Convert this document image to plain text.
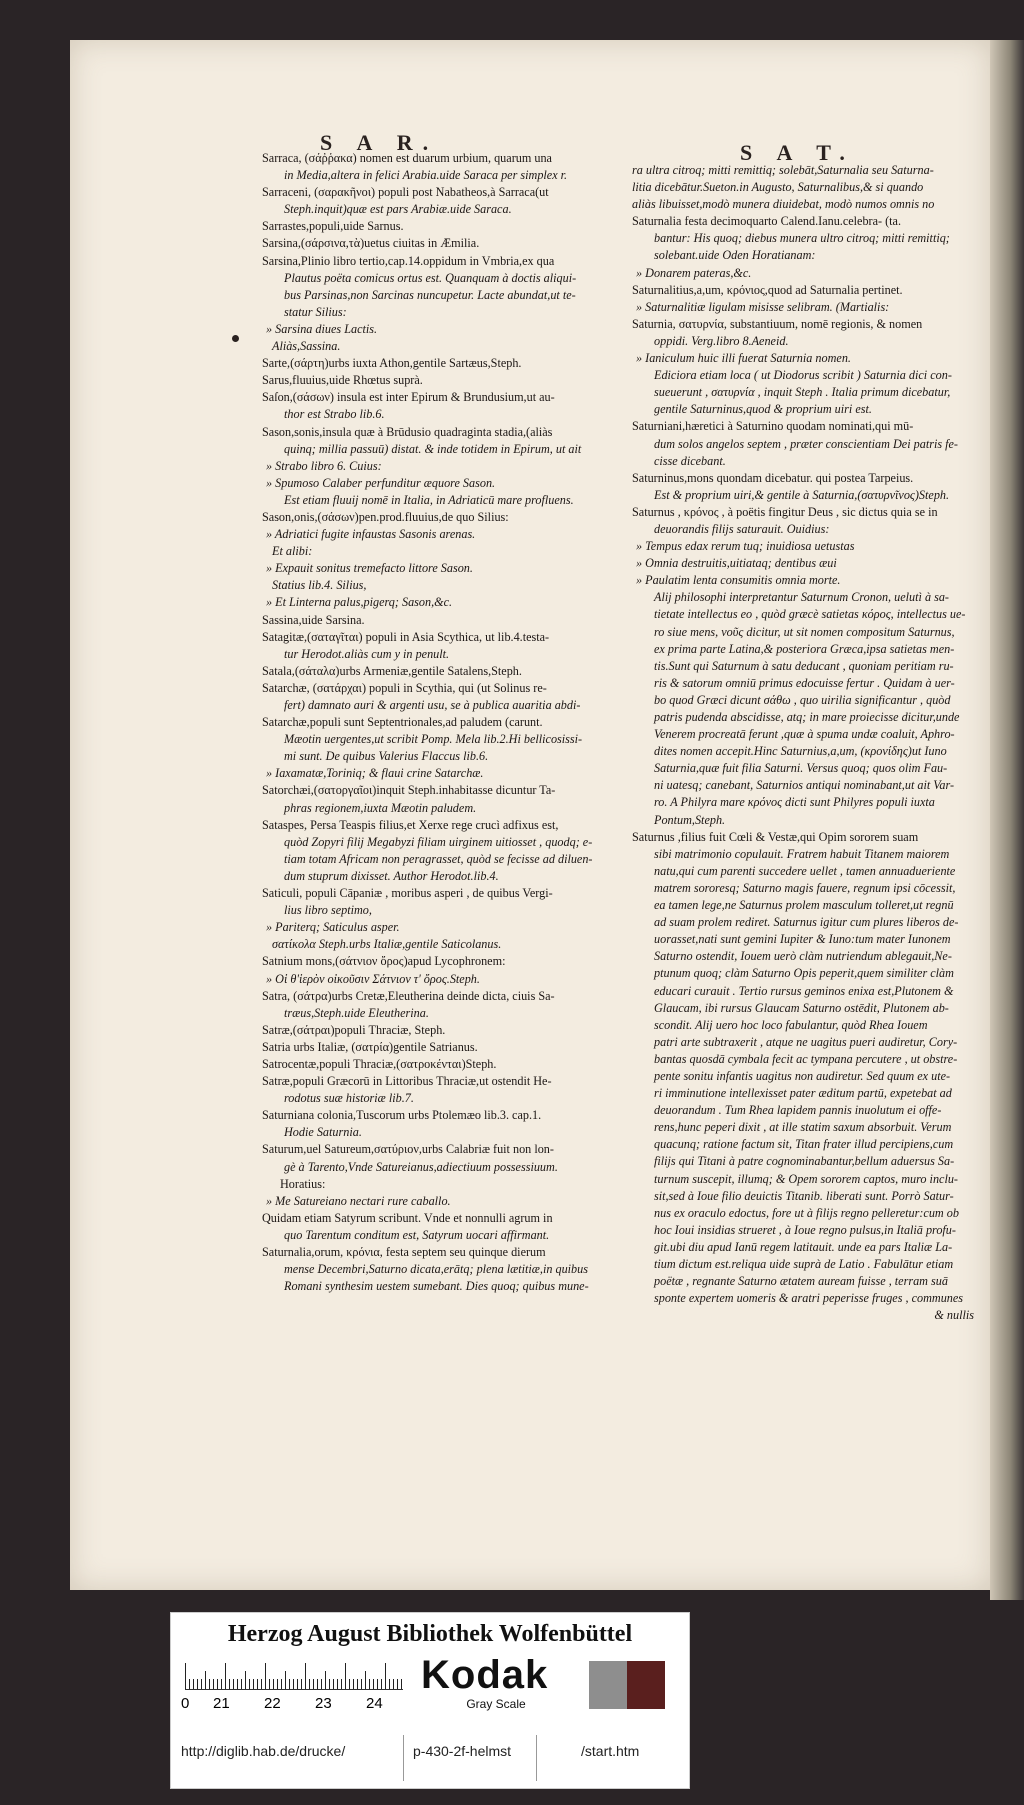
S A R.	S A T.

Sarraca, (σάῤῥακα) nomen est duarum urbium, quarum una

in Media,altera in felici Arabia.uide Saraca per simplex r.

Sarraceni, (σαρακῆνοι) populi post Nabatheos,à Sarraca(ut

Steph.inquit)quæ est pars Arabiæ.uide Saraca.

Sarrastes,populi,uide Sarnus.

Sarsina,(σάρσινα,τὰ)uetus ciuitas in Æmilia.

Sarsina,Plinio libro tertio,cap.14.oppidum in Vmbria,ex qua

Plautus poëta comicus ortus est. Quanquam à doctis aliqui-

bus Parsinas,non Sarcinas nuncupetur. Lacte abundat,ut te-

statur Silius:

» Sarsina diues Lactis.

Aliàs,Sassina.

Sarte,(σάρτη)urbs iuxta Athon,gentile Sartæus,Steph.

Sarus,fluuius,uide Rhœtus suprà.

Saſon,(σάσων) insula est inter Epirum & Brundusium,ut au-

thor est Strabo lib.6.

Sason,sonis,insula quæ à Brūdusio quadraginta stadia,(aliàs

quinq; millia passuū) distat. & inde totidem in Epirum, ut ait

» Strabo libro 6. Cuius:

» Spumoso Calaber perfunditur æquore Sason.

Est etiam fluuij nomē in Italia, in Adriaticū mare profluens.

Sason,onis,(σάσων)pen.prod.fluuius,de quo Silius:

» Adriatici fugite infaustas Sasonis arenas.

Et alibi:

» Expauit sonitus tremefacto littore Sason.

Statius lib.4. Silius,

» Et Linterna palus,pigerq; Sason,&c.

Sassina,uide Sarsina.

Satagitæ,(σαταγῖται) populi in Asia Scythica, ut lib.4.testa-

tur Herodot.aliàs cum y in penult.

Satala,(σάταλα)urbs Armeniæ,gentile Satalens,Steph.

Satarchæ, (σατάρχαι) populi in Scythia, qui (ut Solinus re-

fert) damnato auri & argenti usu, se à publica auaritia abdi-

Satarchæ,populi sunt Septentrionales,ad paludem (carunt.

Mæotin uergentes,ut scribit Pomp. Mela lib.2.Hi bellicosissi-

mi sunt. De quibus Valerius Flaccus lib.6.

» Iaxamatæ,Toriniq; & flaui crine Satarchæ.

Satorchæi,(σατοργαῖοι)inquit Steph.inhabitasse dicuntur Ta-

phras regionem,iuxta Mæotin paludem.

Sataspes, Persa Teaspis filius,et Xerxe rege crucì adfixus est,

quòd Zopyri filij Megabyzi filiam uirginem uitiosset , quodq; e-

tiam totam Africam non peragrasset, quòd se fecisse ad diluen-

dum stuprum dixisset. Author Herodot.lib.4.

Saticuli, populi Cāpaniæ , moribus asperi , de quibus Vergi-

lius libro septimo,

» Pariterq; Saticulus asper.

σατίκολα Steph.urbs Italiæ,gentile Saticolanus.

Satnium mons,(σάτνιον ὄρος)apud Lycophronem:

» Οἱ θ'ἱερὸν οἰκοῦσιν Σάτνιον τ' ὄρος.Steph.

Satra, (σάτρα)urbs Cretæ,Eleutherina deinde dicta, ciuis Sa-

træus,Steph.uide Eleutherina.

Satræ,(σάτραι)populi Thraciæ, Steph.

Satria urbs Italiæ, (σατρία)gentile Satrianus.

Satrocentæ,populi Thraciæ,(σατροκένται)Steph.

Satræ,populi Græcorū in Littoribus Thraciæ,ut ostendit He-

rodotus suæ historiæ lib.7.

Saturniana colonia,Tuscorum urbs Ptolemæo lib.3. cap.1.

Hodie Saturnia.

Saturum,uel Satureum,σατύριον,urbs Calabriæ fuit non lon-

gè à Tarento,Vnde Satureianus,adiectiuum possessiuum.

Horatius:

» Me Satureiano nectari rure caballo.

Quidam etiam Satyrum scribunt. Vnde et nonnulli agrum in

quo Tarentum conditum est, Satyrum uocari affirmant.

Saturnalia,orum, κρόνια, festa septem seu quinque dierum

mense Decembri,Saturno dicata,erātq; plena lætitiæ,in quibus

Romani synthesim uestem sumebant. Dies quoq; quibus mune-

ra ultra citroq; mitti remittiq; solebāt,Saturnalia seu Saturna-

litia dicebātur.Sueton.in Augusto, Saturnalibus,& si quando

aliàs libuisset,modò munera diuidebat, modò numos omnis no

Saturnalia festa decimoquarto Calend.Ianu.celebra- (ta.

bantur: His quoq; diebus munera ultro citroq; mitti remittiq;

solebant.uide Oden Horatianam:

» Donarem pateras,&c.

Saturnalitius,a,um, κρόνιος,quod ad Saturnalia pertinet.

» Saturnalitiæ ligulam misisse selibram. (Martialis:

Saturnia, σατυρνία, substantiuum, nomē regionis, & nomen

oppidi. Verg.libro 8.Aeneid.

» Ianiculum huic illi fuerat Saturnia nomen.

Ediciora etiam loca ( ut Diodorus scribit ) Saturnia dici con-

sueuerunt , σατυρνία , inquit Steph . Italia primum dicebatur,

gentile Saturninus,quod & proprium uiri est.

Saturniani,hæretici à Saturnino quodam nominati,qui mū-

dum solos angelos septem , præter conscientiam Dei patris fe-

cisse dicebant.

Saturninus,mons quondam dicebatur. qui postea Tarpeius.

Est & proprium uiri,& gentile à Saturnia,(σατυρνῖνος)Steph.

Saturnus , κρόνος , à poëtis fingitur Deus , sic dictus quia se in

deuorandis filijs saturauit. Ouidius:

» Tempus edax rerum tuq; inuidiosa uetustas

» Omnia destruitis,uitiataq; dentibus æui

» Paulatim lenta consumitis omnia morte.

Alij philosophi interpretantur Saturnum Cronon, uelutì à sa-

tietate intellectus eo , quòd græcè satietas κόρος, intellectus ue-

ro siue mens, νοῦς dicitur, ut sit nomen compositum Saturnus,

ex prima parte Latina,& posteriora Græca,ipsa satietas men-

tis.Sunt qui Saturnum à satu deducant , quoniam peritiam ru-

ris & satorum omniū primus edocuisse fertur . Quidam à uer-

bo quod Græci dicunt σάθω , quo uirilia significantur , quòd

patris pudenda abscidisse, atq; in mare proiecisse dicitur,unde

Venerem procreatā ferunt ,quæ à spuma undæ coaluit, Aphro-

dites nomen accepit.Hinc Saturnius,a,um, (κρονίδης)ut Iuno

Saturnia,quæ fuit filia Saturni. Versus quoq; quos olim Fau-

ni uatesq; canebant, Saturnios antiqui nominabant,ut ait Var-

ro. A Philyra mare κρόνος dicti sunt Philyres populi iuxta

Pontum,Steph.

Saturnus ,filius fuit Cœli & Vestæ,qui Opim sororem suam

sibi matrimonio copulauit. Fratrem habuit Titanem maiorem

natu,qui cum parenti succedere uellet , tamen annuadueriente

matrem sororesq; Saturno magis fauere, regnum ipsi cōcessit,

ea tamen lege,ne Saturnus prolem masculum tolleret,ut regnū

ad suam prolem rediret. Saturnus igitur cum plures liberos de-

uorasset,nati sunt gemini Iupiter & Iuno:tum mater Iunonem

Saturno ostendit, Iouem uerò clàm nutriendum ablegauit,Ne-

ptunum quoq; clàm Saturno Opis peperit,quem similiter clàm

educari curauit . Tertio rursus geminos enixa est,Plutonem &

Glaucam, ibi rursus Glaucam Saturno ostēdit, Plutonem ab-

scondit. Alij uero hoc loco fabulantur, quòd Rhea Iouem

patri arte subtraxerit , atque ne uagitus pueri audiretur, Cory-

bantas quosdā cymbala fecit ac tympana percutere , ut obstre-

pente sonitu infantis uagitus non audiretur. Sed quum ex ute-

ri imminutione intellexisset pater æditum partū, expetebat ad

deuorandum . Tum Rhea lapidem pannis inuolutum ei offe-

rens,hunc peperi dixit , at ille statim saxum absorbuit. Verum

quacunq; ratione factum sit, Titan frater illud percipiens,cum

filijs qui Titani à patre cognominabantur,bellum aduersus Sa-

turnum suscepit, illumq; & Opem sororem captos, muro inclu-

sit,sed à Ioue filio deuictis Titanib. liberati sunt. Porrò Satur-

nus ex oraculo edoctus, fore ut à filijs regno pelleretur:cum ob

hoc Ioui insidias strueret , à Ioue regno pulsus,in Italiā profu-

git.ubi diu apud Ianū regem latitauit. unde ea pars Italiæ La-

tium dictum est.reliqua uide suprà de Latio . Fabulātur etiam

poëtæ , regnante Saturno ætatem auream fuisse , terram suā

sponte expertem uomeris & aratri peperisse fruges , communes

& nullis

Herzog August Bibliothek Wolfenbüttel
0 21 22 23 24
Kodak
Gray Scale
http://diglib.hab.de/drucke/	p-430-2f-helmst	/start.htm
